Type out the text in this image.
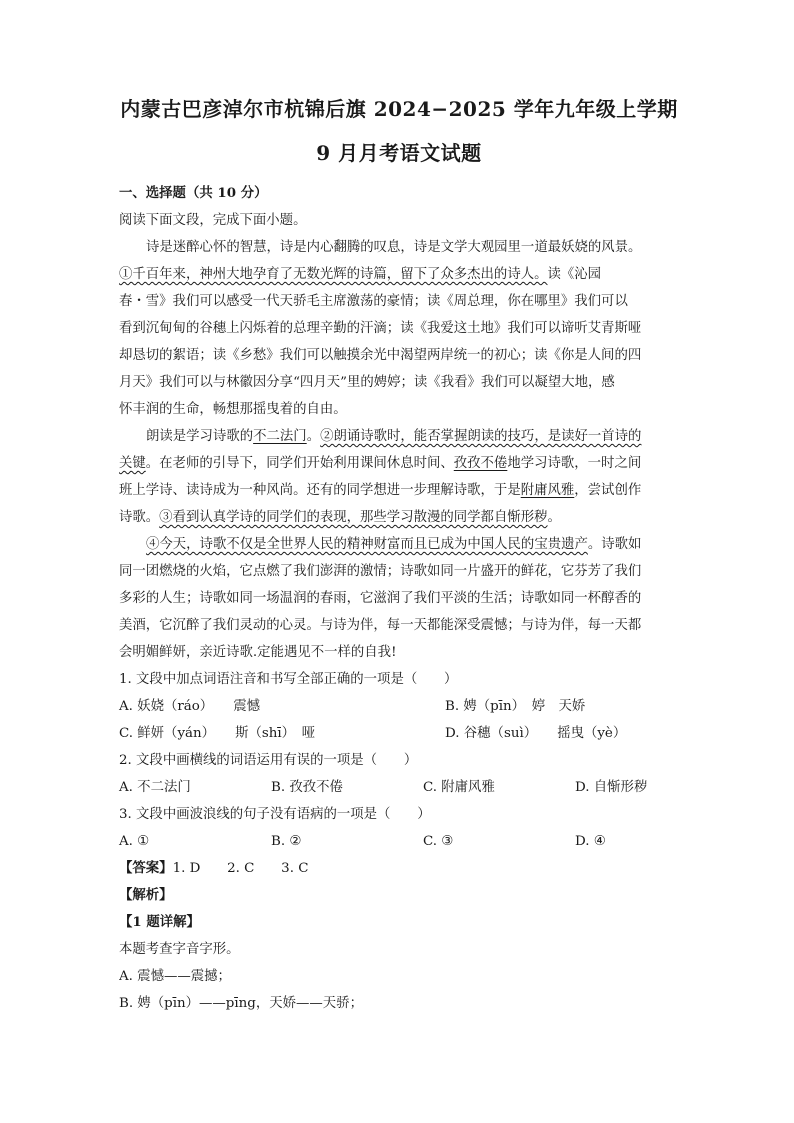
内蒙古巴彦淖尔市杭锦后旗 2024−2025 学年九年级上学期
9 月月考语文试题

一、选择题（共 10 分）

阅读下面文段，完成下面小题。

诗是迷醉心怀的智慧，诗是内心翻腾的叹息，诗是文学大观园里一道最妖娆的风景。

①千百年来，神州大地孕育了无数光辉的诗篇，留下了众多杰出的诗人。读《沁园

春・雪》我们可以感受一代天骄毛主席激荡的豪情；读《周总理，你在哪里》我们可以

看到沉甸甸的谷穗上闪烁着的总理辛勤的汗滴；读《我爱这土地》我们可以谛听艾青斯哑

却恳切的絮语；读《乡愁》我们可以触摸余光中渴望两岸统一的初心；读《你是人间的四

月天》我们可以与林徽因分享“四月天”里的娉婷；读《我看》我们可以凝望大地，感

怀丰润的生命，畅想那摇曳着的自由。

朗读是学习诗歌的不二法门。②朗诵诗歌时，能否掌握朗读的技巧，是读好一首诗的

关键。在老师的引导下，同学们开始利用课间休息时间、孜孜不倦地学习诗歌，一时之间

班上学诗、读诗成为一种风尚。还有的同学想进一步理解诗歌，于是附庸风雅，尝试创作

诗歌。③看到认真学诗的同学们的表现，那些学习散漫的同学都自惭形秽。

④今天，诗歌不仅是全世界人民的精神财富而且已成为中国人民的宝贵遗产。诗歌如

同一团燃烧的火焰，它点燃了我们澎湃的激情；诗歌如同一片盛开的鲜花，它芬芳了我们

多彩的人生；诗歌如同一场温润的春雨，它滋润了我们平淡的生活；诗歌如同一杯醇香的

美酒，它沉醉了我们灵动的心灵。与诗为伴，每一天都能深受震憾；与诗为伴，每一天都

会明媚鲜妍，亲近诗歌.定能遇见不一样的自我!

1. 文段中加点词语注音和书写全部正确的一项是（　　）

A. 妖娆（ráo）　　震憾	B. 娉（pīn）　婷　天娇
C. 鲜妍（yán）　　斯（shī）　哑	D. 谷穗（suì）　　摇曳（yè）

2. 文段中画横线的词语运用有误的一项是（　　）

A. 不二法门	B. 孜孜不倦	C. 附庸风雅	D. 自惭形秽

3. 文段中画波浪线的句子没有语病的一项是（　　）

A. ①	B. ②	C. ③	D. ④

【答案】1. D　　2. C　　3. C

【解析】

【1 题详解】

本题考查字音字形。

A. 震憾——震撼；

B. 娉（pīn）——pīng，天娇——天骄；
